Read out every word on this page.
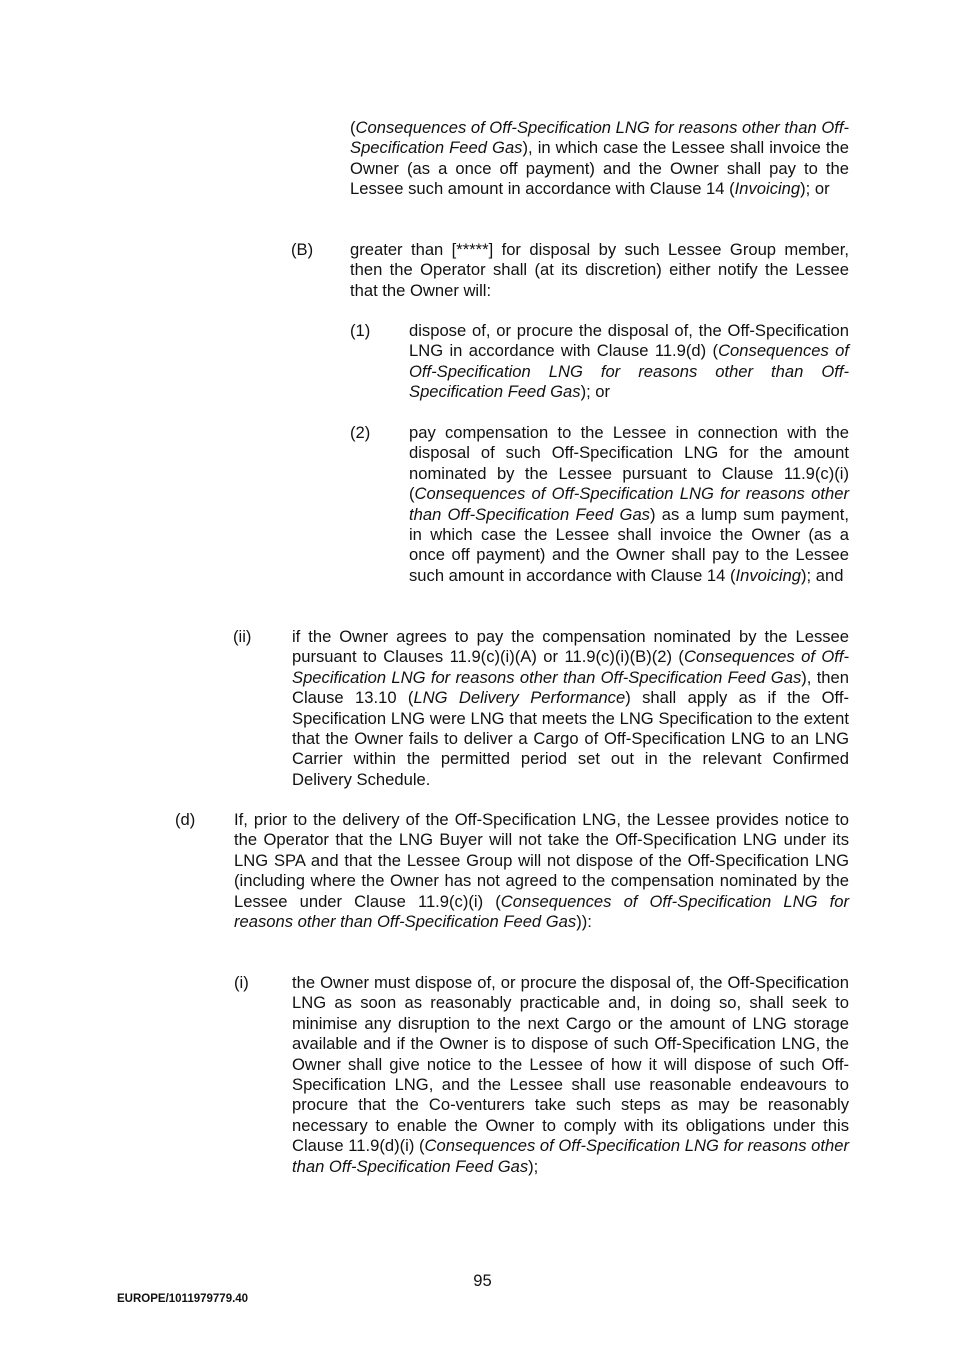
(Consequences of Off-Specification LNG for reasons other than Off-Specification Feed Gas), in which case the Lessee shall invoice the Owner (as a once off payment) and the Owner shall pay to the Lessee such amount in accordance with Clause 14 (Invoicing); or

(B) greater than [*****] for disposal by such Lessee Group member, then the Operator shall (at its discretion) either notify the Lessee that the Owner will:

(1) dispose of, or procure the disposal of, the Off-Specification LNG in accordance with Clause 11.9(d) (Consequences of Off-Specification LNG for reasons other than Off-Specification Feed Gas); or

(2) pay compensation to the Lessee in connection with the disposal of such Off-Specification LNG for the amount nominated by the Lessee pursuant to Clause 11.9(c)(i) (Consequences of Off-Specification LNG for reasons other than Off-Specification Feed Gas) as a lump sum payment, in which case the Lessee shall invoice the Owner (as a once off payment) and the Owner shall pay to the Lessee such amount in accordance with Clause 14 (Invoicing); and

(ii) if the Owner agrees to pay the compensation nominated by the Lessee pursuant to Clauses 11.9(c)(i)(A) or 11.9(c)(i)(B)(2) (Consequences of Off-Specification LNG for reasons other than Off-Specification Feed Gas), then Clause 13.10 (LNG Delivery Performance) shall apply as if the Off-Specification LNG were LNG that meets the LNG Specification to the extent that the Owner fails to deliver a Cargo of Off-Specification LNG to an LNG Carrier within the permitted period set out in the relevant Confirmed Delivery Schedule.

(d) If, prior to the delivery of the Off-Specification LNG, the Lessee provides notice to the Operator that the LNG Buyer will not take the Off-Specification LNG under its LNG SPA and that the Lessee Group will not dispose of the Off-Specification LNG (including where the Owner has not agreed to the compensation nominated by the Lessee under Clause 11.9(c)(i) (Consequences of Off-Specification LNG for reasons other than Off-Specification Feed Gas)):

(i)	the Owner must dispose of, or procure the disposal of, the Off-Specification LNG as soon as reasonably practicable and, in doing so, shall seek to minimise any disruption to the next Cargo or the amount of LNG storage available and if the Owner is to dispose of such Off-Specification LNG, the Owner shall give notice to the Lessee of how it will dispose of such Off-Specification LNG, and the Lessee shall use reasonable endeavours to procure that the Co-venturers take such steps as may be reasonably necessary to enable the Owner to comply with its obligations under this Clause 11.9(d)(i) (Consequences of Off-Specification LNG for reasons other than Off-Specification Feed Gas);

95
EUROPE/1011979779.40
